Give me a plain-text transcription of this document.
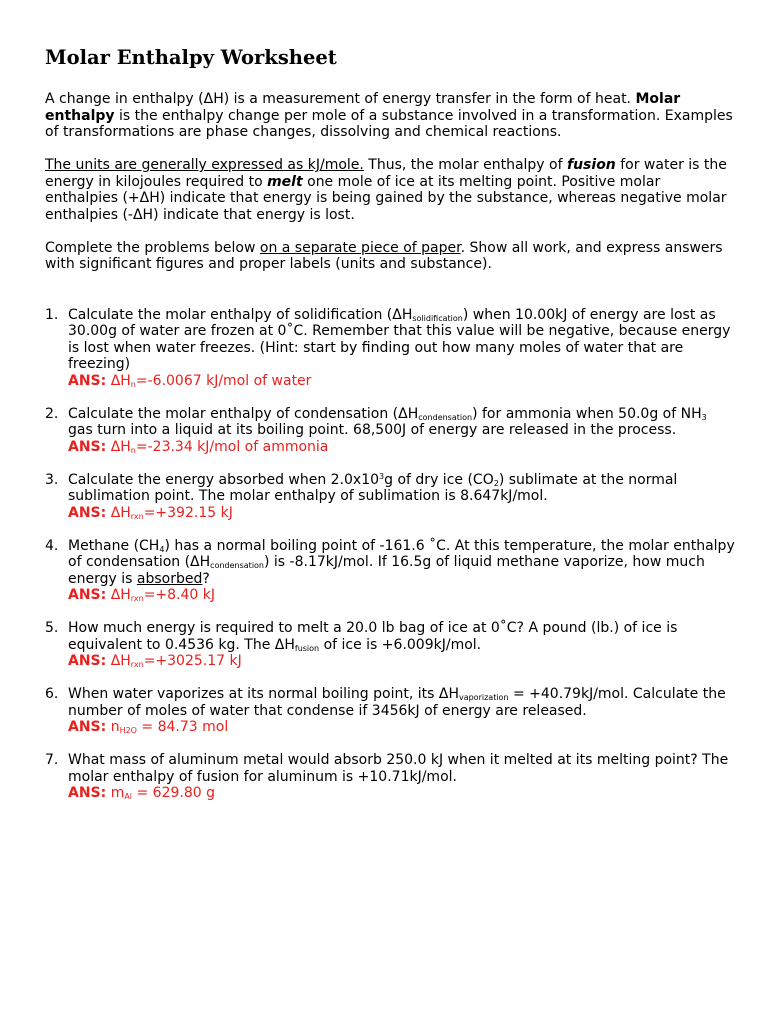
Molar Enthalpy Worksheet

A change in enthalpy (ΔH) is a measurement of energy transfer in the form of heat. Molar enthalpy is the enthalpy change per mole of a substance involved in a transformation. Examples of transformations are phase changes, dissolving and chemical reactions.

The units are generally expressed as kJ/mole. Thus, the molar enthalpy of fusion for water is the energy in kilojoules required to melt one mole of ice at its melting point. Positive molar enthalpies (+ΔH) indicate that energy is being gained by the substance, whereas negative molar enthalpies (-ΔH) indicate that energy is lost.

Complete the problems below on a separate piece of paper. Show all work, and express answers with significant figures and proper labels (units and substance).

1. Calculate the molar enthalpy of solidification $(\Delta H_{solidification})$ when 10.00kJ of energy are lost as 30.00g of water are frozen at 0˚C. Remember that this value will be negative, because energy is lost when water freezes. (Hint: start by finding out how many moles of water that are freezing)
ANS: $\Delta H_n=-6.0067$ kJ/mol of water
2. Calculate the molar enthalpy of condensation $(\Delta H_{condensation})$ for ammonia when 50.0g of $NH_3$ gas turn into a liquid at its boiling point. 68,500J of energy are released in the process.
ANS: $\Delta H_n=-23.34$ kJ/mol of ammonia
3. Calculate the energy absorbed when $2.0x10^3g$ of dry ice $(CO_2)$ sublimate at the normal sublimation point. The molar enthalpy of sublimation is 8.647kJ/mol.
ANS: $\Delta H_{rxn}=+392.15$ kJ
4. Methane $(CH_4)$ has a normal boiling point of -161.6 ˚C. At this temperature, the molar enthalpy of condensation $(\Delta H_{condensation})$ is -8.17kJ/mol. If 16.5g of liquid methane vaporize, how much energy is absorbed?
ANS: $\Delta H_{rxn}=+8.40$ kJ
5. How much energy is required to melt a 20.0 lb bag of ice at 0˚C? A pound (lb.) of ice is equivalent to 0.4536 kg. The $\Delta H_{fusion}$ of ice is +6.009kJ/mol.
ANS: $\Delta H_{rxn}=+3025.17$ kJ
6. When water vaporizes at its normal boiling point, its $\Delta H_{vaporization} = +40.79kJ/mol$. Calculate the number of moles of water that condense if 3456kJ of energy are released.
ANS: $n_{H2O} = 84.73$ mol
7. What mass of aluminum metal would absorb 250.0 kJ when it melted at its melting point? The molar enthalpy of fusion for aluminum is +10.71kJ/mol.
ANS: $m_{Al} = 629.80$ g
